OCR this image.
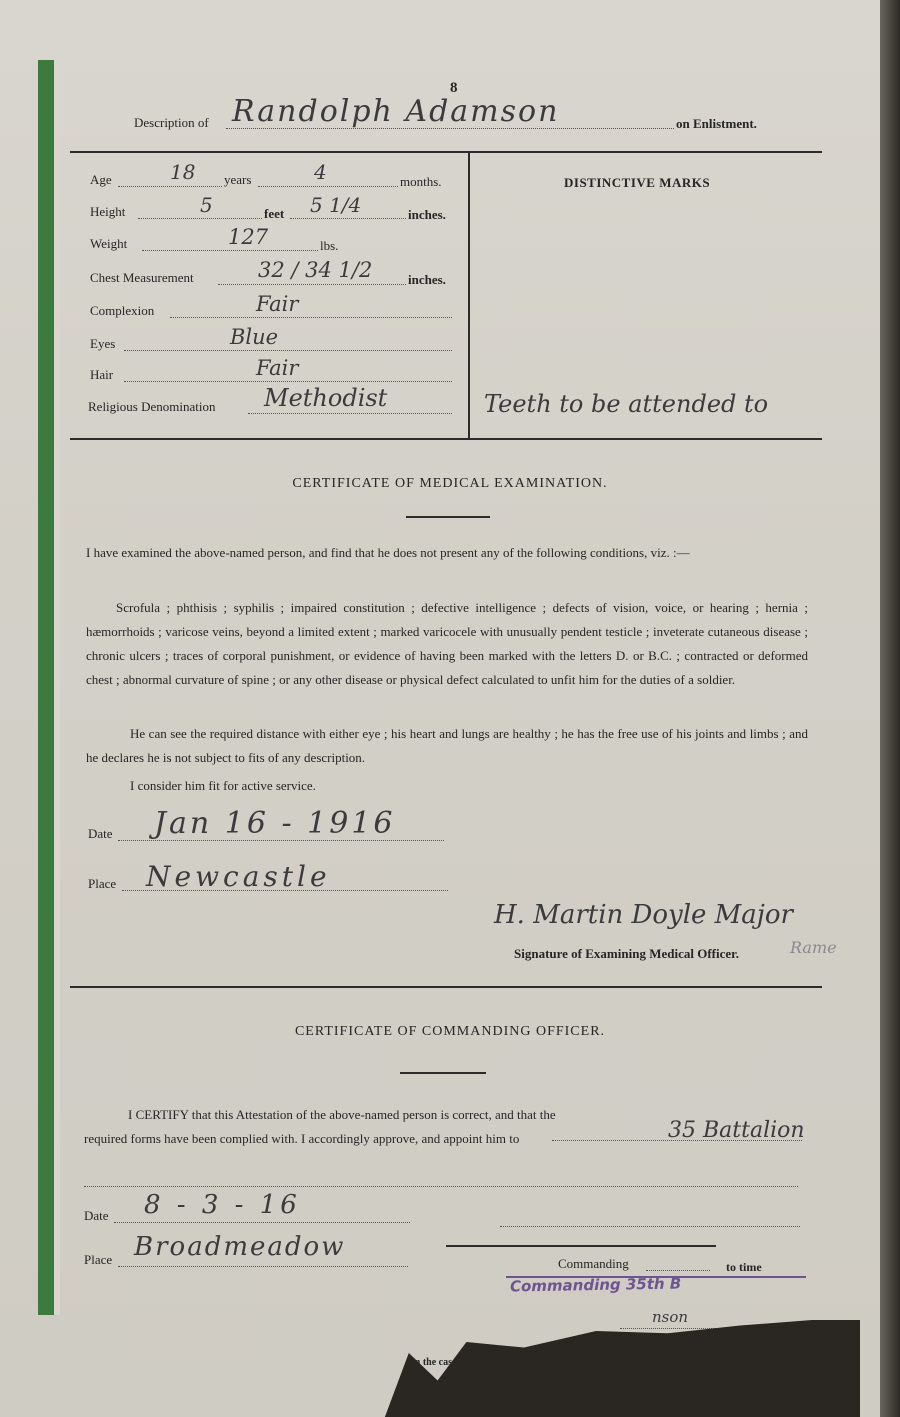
8
Description of Randolph Adamson	on Enlistment.
Age	18 years	4	months.
Height	5	feet 5 1/4	inches.
Weight	127	lbs.
Chest Measurement	32 / 34 1/2	inches.
Complexion	Fair
Eyes	Blue
Hair	Fair
Religious Denomination Methodist
DISTINCTIVE MARKS
Teeth to be attended to
CERTIFICATE OF MEDICAL EXAMINATION.
I have examined the above-named person, and find that he does not present any of the following conditions, viz. :—
Scrofula ; phthisis ; syphilis ; impaired constitution ; defective intelligence ; defects of vision, voice, or hearing ; hernia ; hæmorrhoids ; varicose veins, beyond a limited extent ; marked varicocele with unusually pendent testicle ; inveterate cutaneous disease ; chronic ulcers ; traces of corporal punishment, or evidence of having been marked with the letters D. or B.C. ; contracted or deformed chest ; abnormal curvature of spine ; or any other disease or physical defect calculated to unfit him for the duties of a soldier.
He can see the required distance with either eye ; his heart and lungs are healthy ; he has the free use of his joints and limbs ; and he declares he is not subject to fits of any description.
I consider him fit for active service.
Date Jan 16 - 1916
Place Newcastle
H. Martin Doyle Major
Rame
Signature of Examining Medical Officer.
CERTIFICATE OF COMMANDING OFFICER.
I CERTIFY that this Attestation of the above-named person is correct, and that the required forms have been complied with. I accordingly approve, and appoint him to	35 Battalion
Date 8 - 3 - 16
Place Broadmeadow
Commanding	to time
Commanding 35th B
nson
